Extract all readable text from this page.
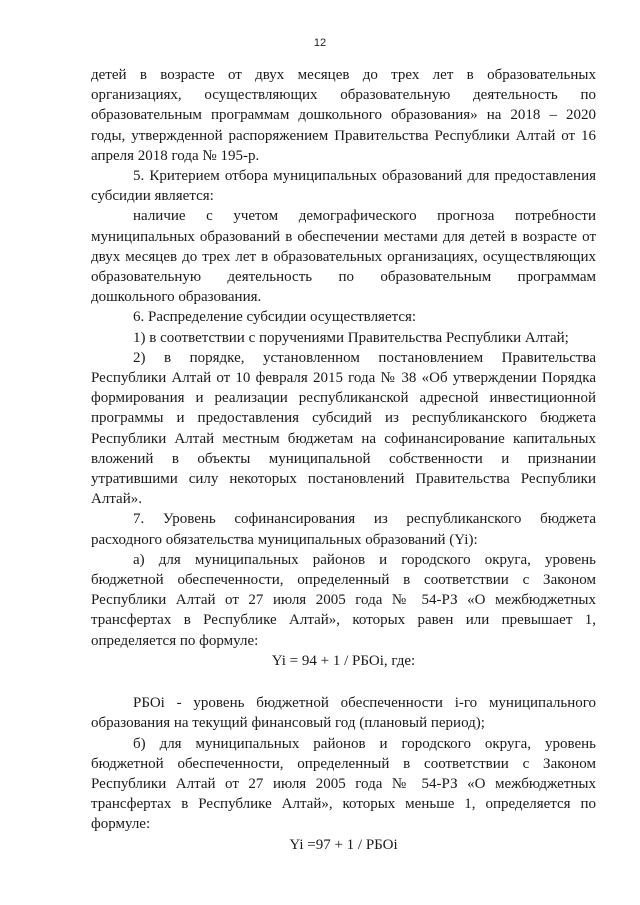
12

детей в возрасте от двух месяцев до трех лет в образовательных

организациях, осуществляющих образовательную деятельность по

образовательным программам дошкольного образования» на 2018 – 2020

годы, утвержденной распоряжением Правительства Республики Алтай от 16

апреля 2018 года № 195-р.

5. Критерием отбора муниципальных образований для предоставления

субсидии является:

наличие с учетом демографического прогноза потребности

муниципальных образований в обеспечении местами для детей в возрасте от

двух месяцев до трех лет в образовательных организациях, осуществляющих

образовательную деятельность по образовательным программам

дошкольного образования.

6. Распределение субсидии осуществляется:

1) в соответствии с поручениями Правительства Республики Алтай;

2) в порядке, установленном постановлением Правительства

Республики Алтай от 10 февраля 2015 года № 38 «Об утверждении Порядка

формирования и реализации республиканской адресной инвестиционной

программы и предоставления субсидий из республиканского бюджета

Республики Алтай местным бюджетам на софинансирование капитальных

вложений в объекты муниципальной собственности и признании

утратившими силу некоторых постановлений Правительства Республики

Алтай».

7. Уровень софинансирования из республиканского бюджета

расходного обязательства муниципальных образований (Yi):

а) для муниципальных районов и городского округа, уровень

бюджетной обеспеченности, определенный в соответствии с Законом

Республики Алтай от 27 июля 2005 года № 54-РЗ «О межбюджетных

трансфертах в Республике Алтай», которых равен или превышает 1,

определяется по формуле:

Yi = 94 + 1 / РБОi, где:

РБОi - уровень бюджетной обеспеченности i-го муниципального

образования на текущий финансовый год (плановый период);

б) для муниципальных районов и городского округа, уровень

бюджетной обеспеченности, определенный в соответствии с Законом

Республики Алтай от 27 июля 2005 года № 54-РЗ «О межбюджетных

трансфертах в Республике Алтай», которых меньше 1, определяется по

формуле:

Yi =97 + 1 / РБОi
